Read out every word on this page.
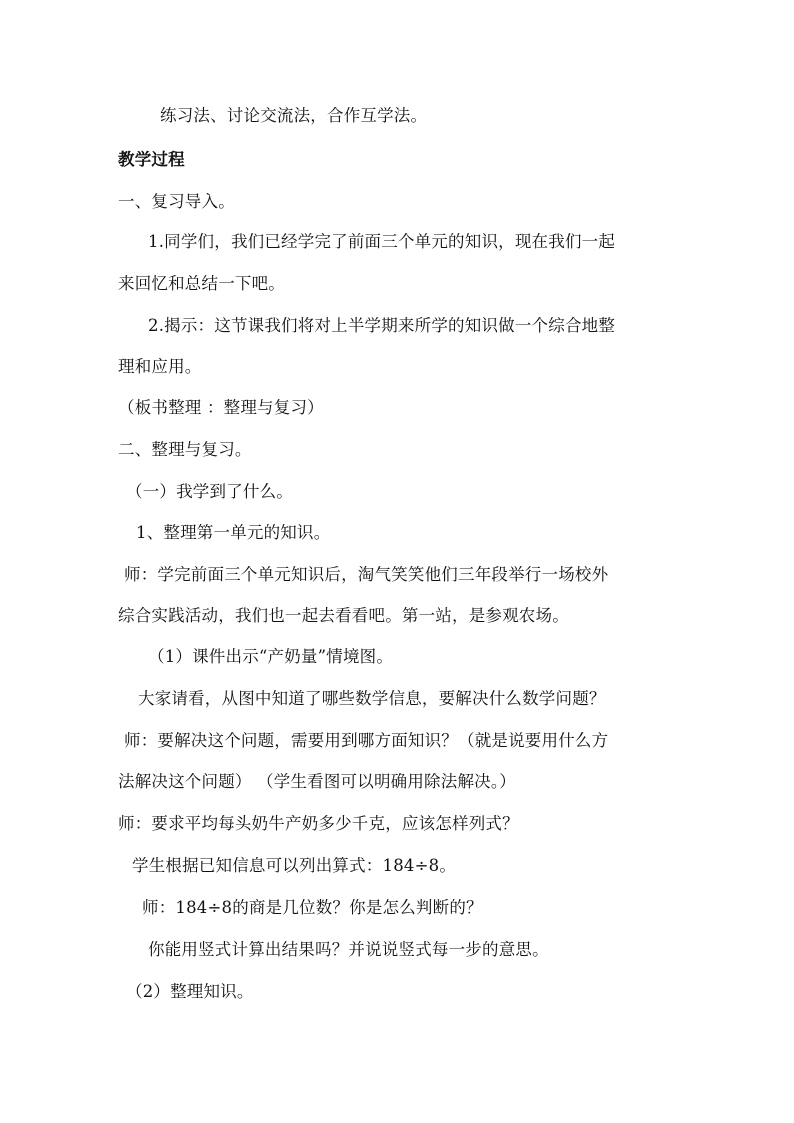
练习法、讨论交流法，合作互学法。
教学过程
一、复习导入。
1.同学们，我们已经学完了前面三个单元的知识，现在我们一起
来回忆和总结一下吧。
2.揭示：这节课我们将对上半学期来所学的知识做一个综合地整
理和应用。
（板书整理 ：整理与复习）
二、整理与复习。
（一）我学到了什么。
1、整理第一单元的知识。
师：学完前面三个单元知识后，淘气笑笑他们三年段举行一场校外
综合实践活动，我们也一起去看看吧。第一站，是参观农场。
（1）课件出示“产奶量”情境图。
大家请看，从图中知道了哪些数学信息，要解决什么数学问题？
师：要解决这个问题，需要用到哪方面知识？（就是说要用什么方
法解决这个问题） （学生看图可以明确用除法解决。）
师：要求平均每头奶牛产奶多少千克，应该怎样列式？
学生根据已知信息可以列出算式：184÷8。
师：184÷8的商是几位数？你是怎么判断的？
你能用竖式计算出结果吗？并说说竖式每一步的意思。
（2）整理知识。
